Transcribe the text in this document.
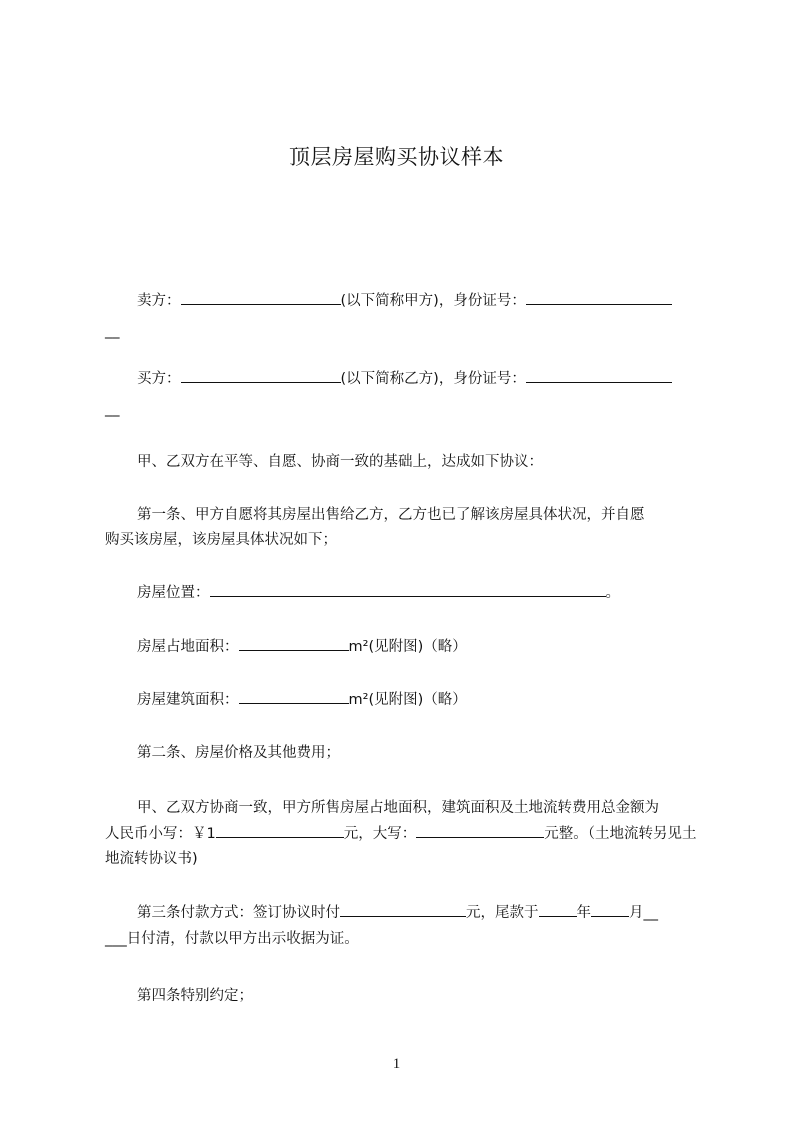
顶层房屋购买协议样本
卖方：	(以下简称甲方)，身份证号：
__
买方：	(以下简称乙方)，身份证号：
__
甲、乙双方在平等、自愿、协商一致的基础上，达成如下协议：
第一条、甲方自愿将其房屋出售给乙方，乙方也已了解该房屋具体状况，并自愿
购买该房屋，该房屋具体状况如下；
房屋位置：	。
房屋占地面积：	m²(见附图)（略）
房屋建筑面积：	m²(见附图)（略）
第二条、房屋价格及其他费用；
甲、乙双方协商一致，甲方所售房屋占地面积，建筑面积及土地流转费用总金额为
人民币小写：￥1	元，大写：	元整。（土地流转另见土
地流转协议书)
第三条付款方式：签订协议时付	元，尾款于	年	月__
___日付清，付款以甲方出示收据为证。
第四条特别约定；
1
